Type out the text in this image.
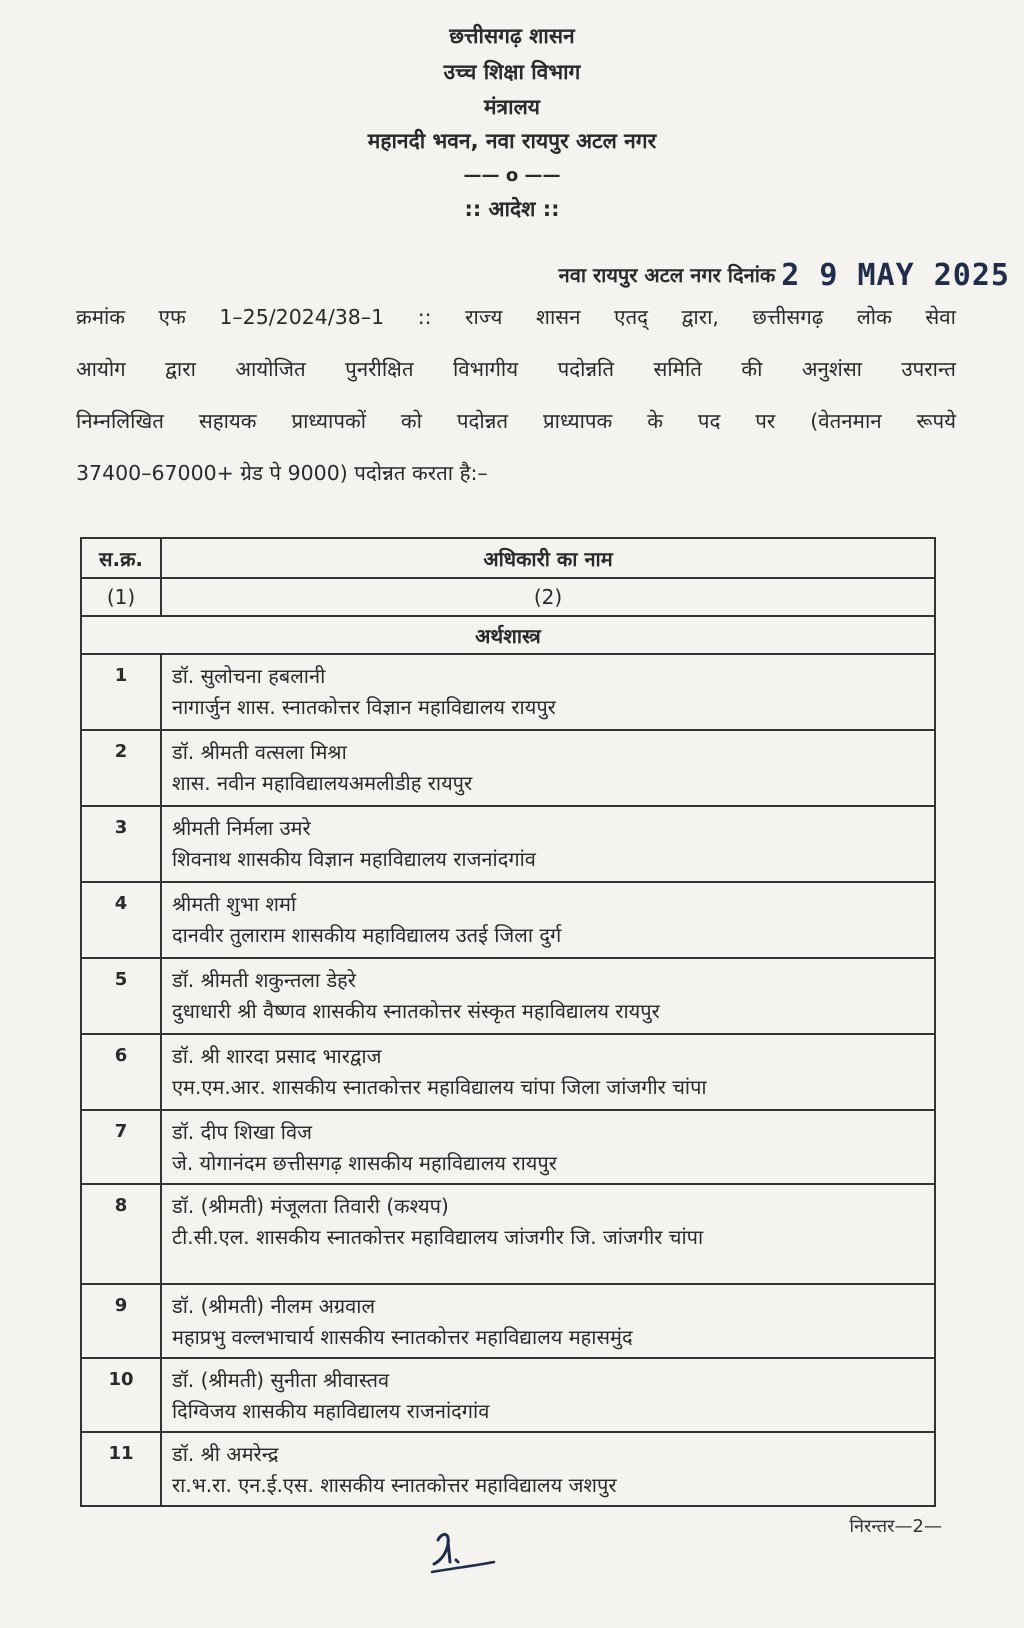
छत्तीसगढ़ शासन
उच्च शिक्षा विभाग
मंत्रालय
महानदी भवन, नवा रायपुर अटल नगर
—— o ——
:: आदेश ::
नवा रायपुर अटल नगर दिनांक 2 9 MAY 2025
क्रमांक एफ 1–25/2024/38–1 :: राज्य शासन एतद् द्वारा, छत्तीसगढ़ लोक सेवा
आयोग द्वारा आयोजित पुनरीक्षित विभागीय पदोन्नति समिति की अनुशंसा उपरान्त
निम्नलिखित सहायक प्राध्यापकों को पदोन्नत प्राध्यापक के पद पर (वेतनमान रूपये
37400–67000+ ग्रेड पे 9000) पदोन्नत करता है:–
स.क्र.	अधिकारी का नाम
(1)	(2)
अर्थशास्त्र	
1	डॉ. सुलोचना हबलानी
नागार्जुन शास. स्नातकोत्तर विज्ञान महाविद्यालय रायपुर

2	डॉ. श्रीमती वत्सला मिश्रा
शास. नवीन महाविद्यालयअमलीडीह रायपुर

3	श्रीमती निर्मला उमरे
शिवनाथ शासकीय विज्ञान महाविद्यालय राजनांदगांव

4	श्रीमती शुभा शर्मा
दानवीर तुलाराम शासकीय महाविद्यालय उतई जिला दुर्ग

5	डॉ. श्रीमती शकुन्तला डेहरे
दुधाधारी श्री वैष्णव शासकीय स्नातकोत्तर संस्कृत महाविद्यालय रायपुर

6	डॉ. श्री शारदा प्रसाद भारद्वाज
एम.एम.आर. शासकीय स्नातकोत्तर महाविद्यालय चांपा जिला जांजगीर चांपा

7	डॉ. दीप शिखा विज
जे. योगानंदम छत्तीसगढ़ शासकीय महाविद्यालय रायपुर

8	डॉ. (श्रीमती) मंजूलता तिवारी (कश्यप)
टी.सी.एल. शासकीय स्नातकोत्तर महाविद्यालय जांजगीर जि. जांजगीर चांपा

9	डॉ. (श्रीमती) नीलम अग्रवाल
महाप्रभु वल्लभाचार्य शासकीय स्नातकोत्तर महाविद्यालय महासमुंद

10	डॉ. (श्रीमती) सुनीता श्रीवास्तव
दिग्विजय शासकीय महाविद्यालय राजनांदगांव

11	डॉ. श्री अमरेन्द्र
रा.भ.रा. एन.ई.एस. शासकीय स्नातकोत्तर महाविद्यालय जशपुर
निरन्तर—2—
